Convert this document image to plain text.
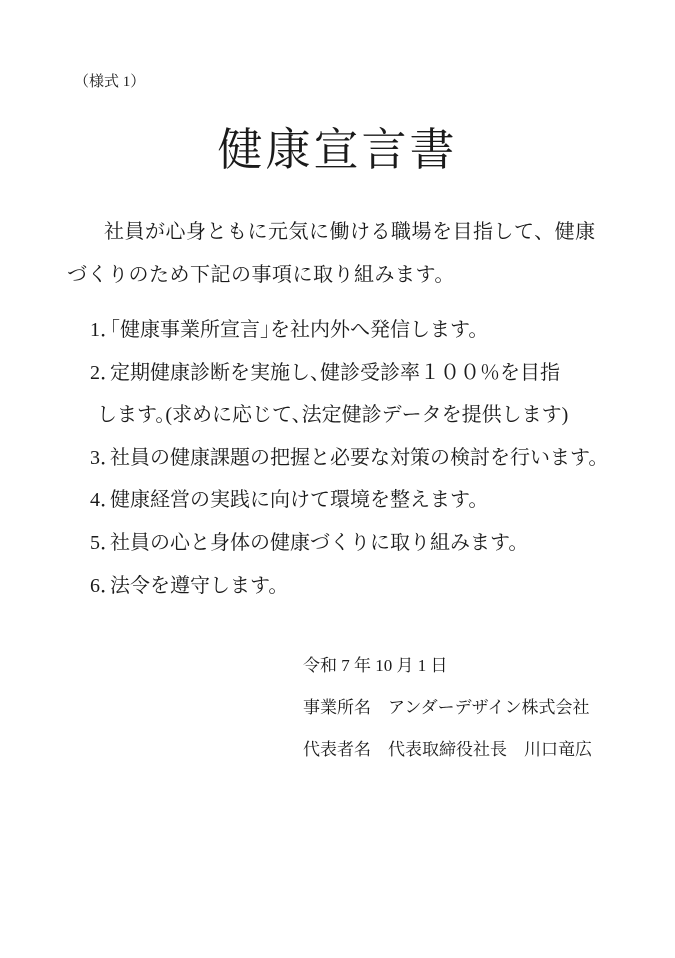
（様式 1）
健康宣言書
社員が心身ともに元気に働ける職場を目指して、健康
づくりのため下記の事項に取り組みます。

1．「健康事業所宣言」を社内外へ発信します。

2．定期健康診断を実施し、健診受診率１００％を目指
します。(求めに応じて、法定健診データを提供します)

3．社員の健康課題の把握と必要な対策の検討を行います。

4．健康経営の実践に向けて環境を整えます。

5．社員の心と身体の健康づくりに取り組みます。

6．法令を遵守します。

令和 7 年 10 月 1 日
事業所名 アンダーデザイン株式会社
代表者名 代表取締役社長　川口竜広
